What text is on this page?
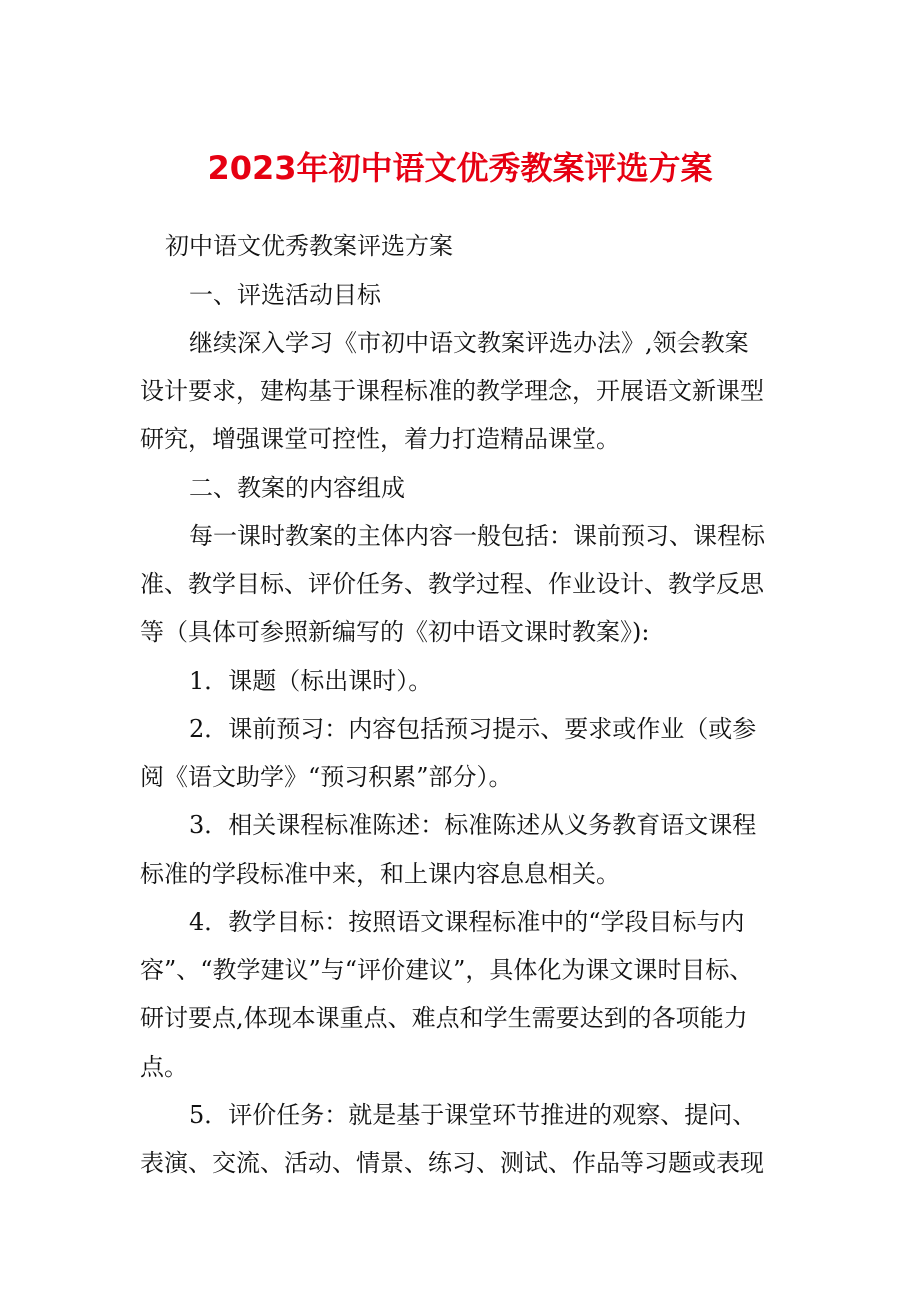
2023年初中语文优秀教案评选方案
初中语文优秀教案评选方案
一、评选活动目标
继续深入学习《市初中语文教案评选办法》,领会教案
设计要求，建构基于课程标准的教学理念，开展语文新课型
研究，增强课堂可控性，着力打造精品课堂。
二、教案的内容组成
每一课时教案的主体内容一般包括：课前预习、课程标
准、教学目标、评价任务、教学过程、作业设计、教学反思
等（具体可参照新编写的《初中语文课时教案》):
1．课题（标出课时）。
2．课前预习：内容包括预习提示、要求或作业（或参
阅《语文助学》“预习积累”部分）。
3．相关课程标准陈述：标准陈述从义务教育语文课程
标准的学段标准中来，和上课内容息息相关。
4．教学目标：按照语文课程标准中的“学段目标与内
容”、“教学建议”与“评价建议”，具体化为课文课时目标、
研讨要点,体现本课重点、难点和学生需要达到的各项能力
点。
5．评价任务：就是基于课堂环节推进的观察、提问、
表演、交流、活动、情景、练习、测试、作品等习题或表现
